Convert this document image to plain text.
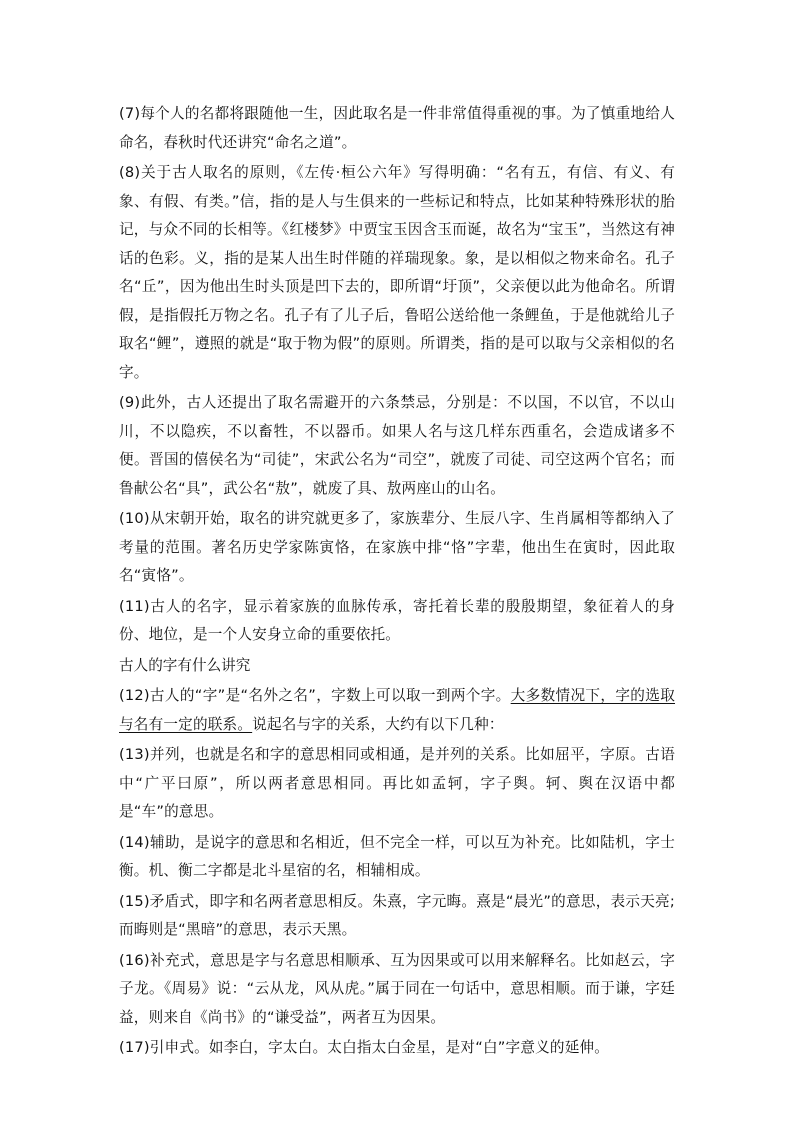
(7)每个人的名都将跟随他一生，因此取名是一件非常值得重视的事。为了慎重地给人命名，春秋时代还讲究“命名之道”。

(8)关于古人取名的原则，《左传·桓公六年》写得明确：“名有五，有信、有义、有象、有假、有类。”信，指的是人与生俱来的一些标记和特点，比如某种特殊形状的胎记，与众不同的长相等。《红楼梦》中贾宝玉因含玉而诞，故名为“宝玉”，当然这有神话的色彩。义，指的是某人出生时伴随的祥瑞现象。象，是以相似之物来命名。孔子名“丘”，因为他出生时头顶是凹下去的，即所谓“圩顶”，父亲便以此为他命名。所谓假，是指假托万物之名。孔子有了儿子后，鲁昭公送给他一条鲤鱼，于是他就给儿子取名“鲤”，遵照的就是“取于物为假”的原则。所谓类，指的是可以取与父亲相似的名字。

(9)此外，古人还提出了取名需避开的六条禁忌，分别是：不以国，不以官，不以山川，不以隐疾，不以畜牲，不以器币。如果人名与这几样东西重名，会造成诸多不便。晋国的僖侯名为“司徒”，宋武公名为“司空”，就废了司徒、司空这两个官名；而鲁献公名“具”，武公名“敖”，就废了具、敖两座山的山名。

(10)从宋朝开始，取名的讲究就更多了，家族辈分、生辰八字、生肖属相等都纳入了考量的范围。著名历史学家陈寅恪，在家族中排“恪”字辈，他出生在寅时，因此取名“寅恪”。

(11)古人的名字，显示着家族的血脉传承，寄托着长辈的殷殷期望，象征着人的身份、地位，是一个人安身立命的重要依托。

古人的字有什么讲究

(12)古人的“字”是“名外之名”，字数上可以取一到两个字。大多数情况下，字的选取与名有一定的联系。说起名与字的关系，大约有以下几种：

(13)并列，也就是名和字的意思相同或相通，是并列的关系。比如屈平，字原。古语中“广平曰原”，所以两者意思相同。再比如孟轲，字子舆。轲、舆在汉语中都是“车”的意思。

(14)辅助，是说字的意思和名相近，但不完全一样，可以互为补充。比如陆机，字士衡。机、衡二字都是北斗星宿的名，相辅相成。

(15)矛盾式，即字和名两者意思相反。朱熹，字元晦。熹是“晨光”的意思，表示天亮;而晦则是“黑暗”的意思，表示天黑。

(16)补充式，意思是字与名意思相顺承、互为因果或可以用来解释名。比如赵云，字子龙。《周易》说：“云从龙，风从虎。”属于同在一句话中，意思相顺。而于谦，字廷益，则来自《尚书》的“谦受益”，两者互为因果。

(17)引申式。如李白，字太白。太白指太白金星，是对“白”字意义的延伸。
